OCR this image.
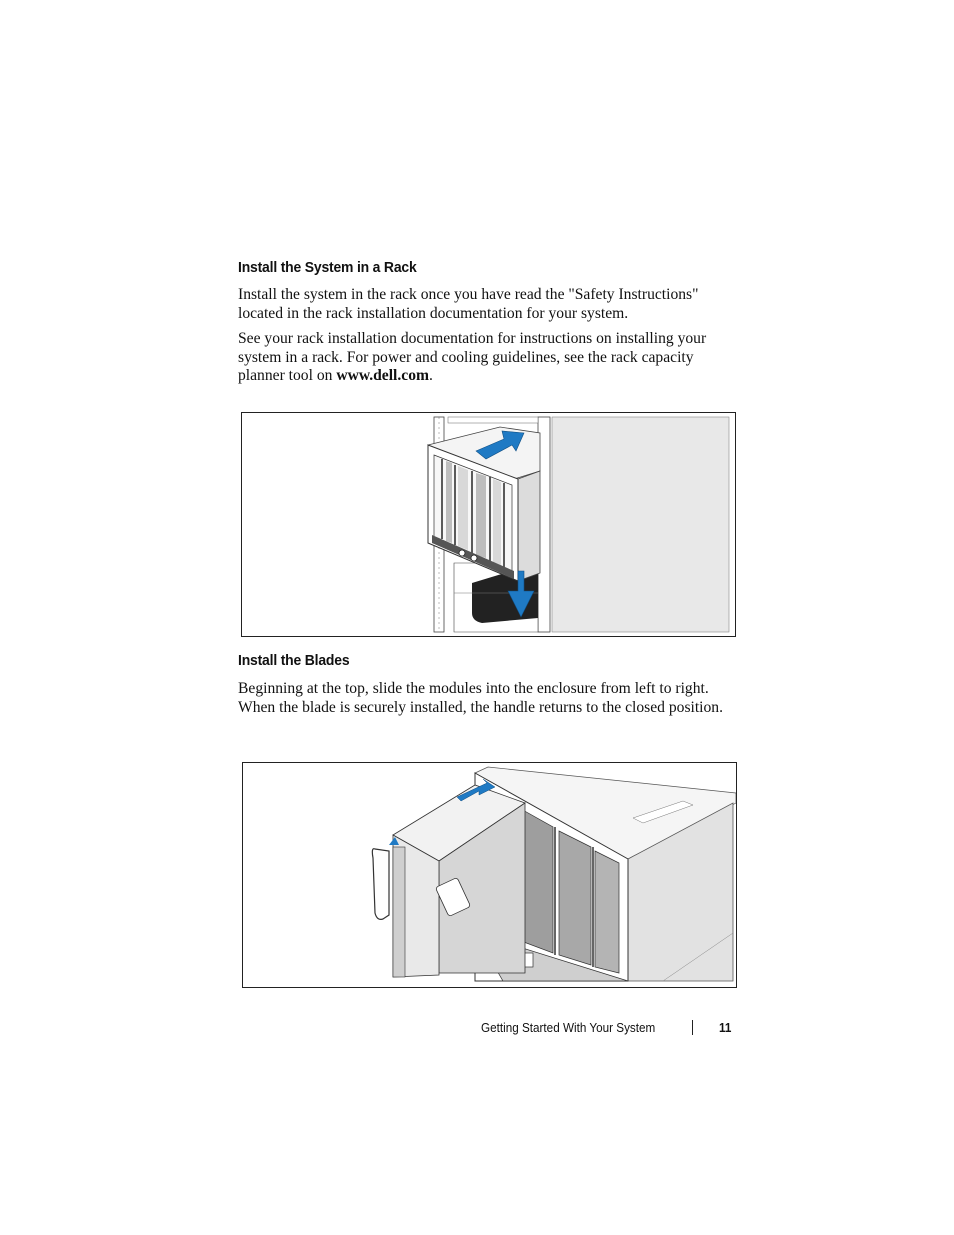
Install the System in a Rack

Install the system in the rack once you have read the "Safety Instructions" located in the rack installation documentation for your system.

See your rack installation documentation for instructions on installing your system in a rack. For power and cooling guidelines, see the rack capacity planner tool on www.dell.com.

Install the Blades

Beginning at the top, slide the modules into the enclosure from left to right. When the blade is securely installed, the handle returns to the closed position.

Getting Started With Your System	11
